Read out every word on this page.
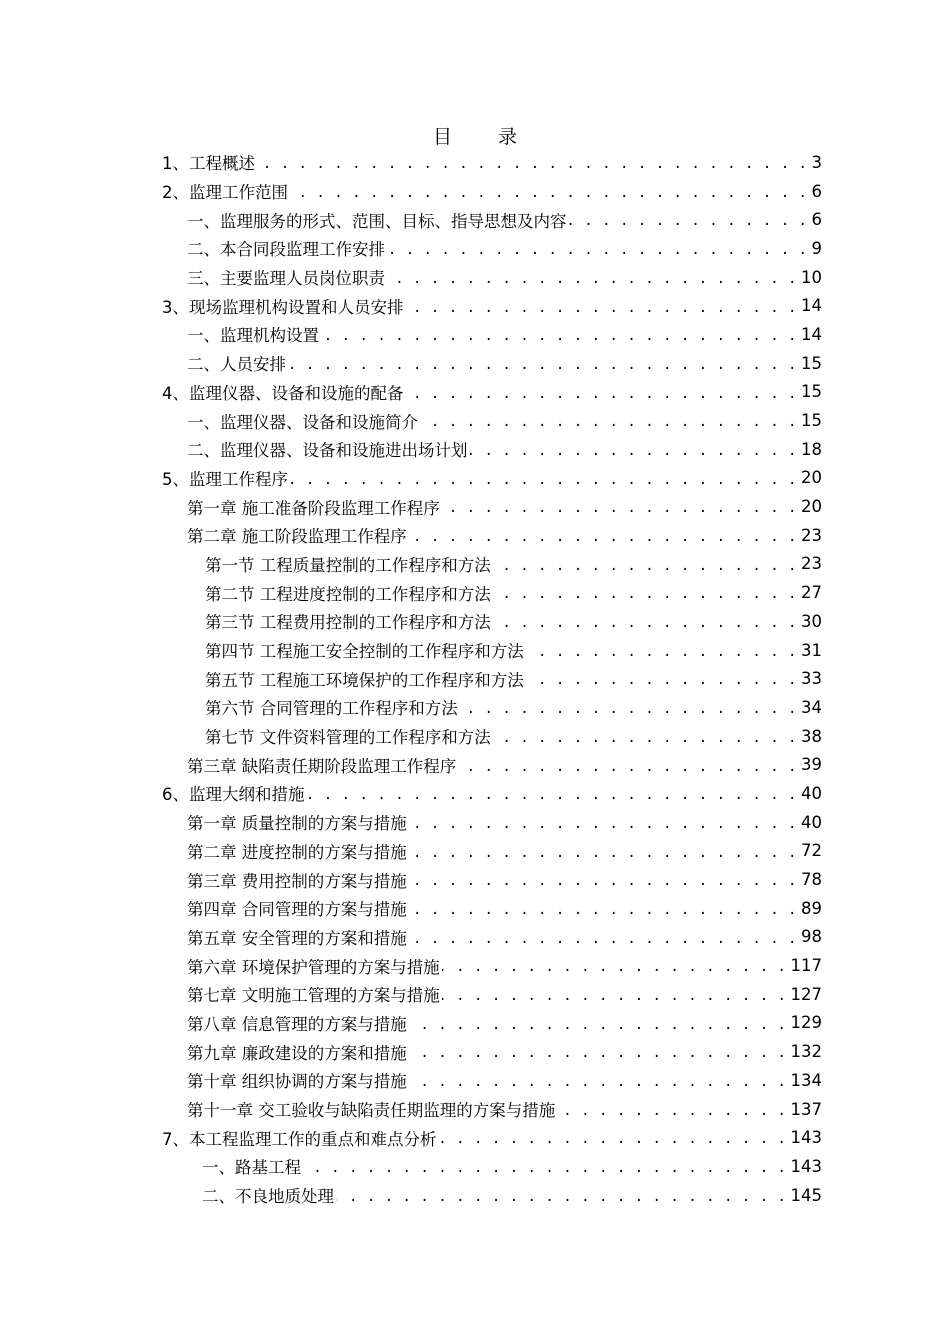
目 录
1、工程概述 . . .	3
2、监理工作范围 . . .	6
一、监理服务的形式、范围、目标、指导思想及内容 . . .	6
二、本合同段监理工作安排 . . .	9
三、主要监理人员岗位职责 . . .	10
3、现场监理机构设置和人员安排 . . .	14
一、监理机构设置 . . .	14
二、人员安排 . . .	15
4、监理仪器、设备和设施的配备 . . .	15
一、监理仪器、设备和设施简介 . . .	15
二、监理仪器、设备和设施进出场计划 . . .	18
5、监理工作程序 . . .	20
第一章 施工准备阶段监理工作程序 . . .	20
第二章 施工阶段监理工作程序 . . .	23
第一节 工程质量控制的工作程序和方法 . . .	23
第二节 工程进度控制的工作程序和方法 . . .	27
第三节 工程费用控制的工作程序和方法 . . .	30
第四节 工程施工安全控制的工作程序和方法 . . .	31
第五节 工程施工环境保护的工作程序和方法 . . .	33
第六节 合同管理的工作程序和方法 . . .	34
第七节 文件资料管理的工作程序和方法 . . .	38
第三章 缺陷责任期阶段监理工作程序 . . .	39
6、监理大纲和措施 . . .	40
第一章 质量控制的方案与措施 . . .	40
第二章 进度控制的方案与措施 . . .	72
第三章 费用控制的方案与措施 . . .	78
第四章 合同管理的方案与措施 . . .	89
第五章 安全管理的方案和措施 . . .	98
第六章 环境保护管理的方案与措施 . . .	117
第七章 文明施工管理的方案与措施 . . .	127
第八章 信息管理的方案与措施 . . .	129
第九章 廉政建设的方案和措施 . . .	132
第十章 组织协调的方案与措施 . . .	134
第十一章 交工验收与缺陷责任期监理的方案与措施 . . .	137
7、本工程监理工作的重点和难点分析 . . .	143
一、路基工程 . . .	143
二、不良地质处理 . . .	145
